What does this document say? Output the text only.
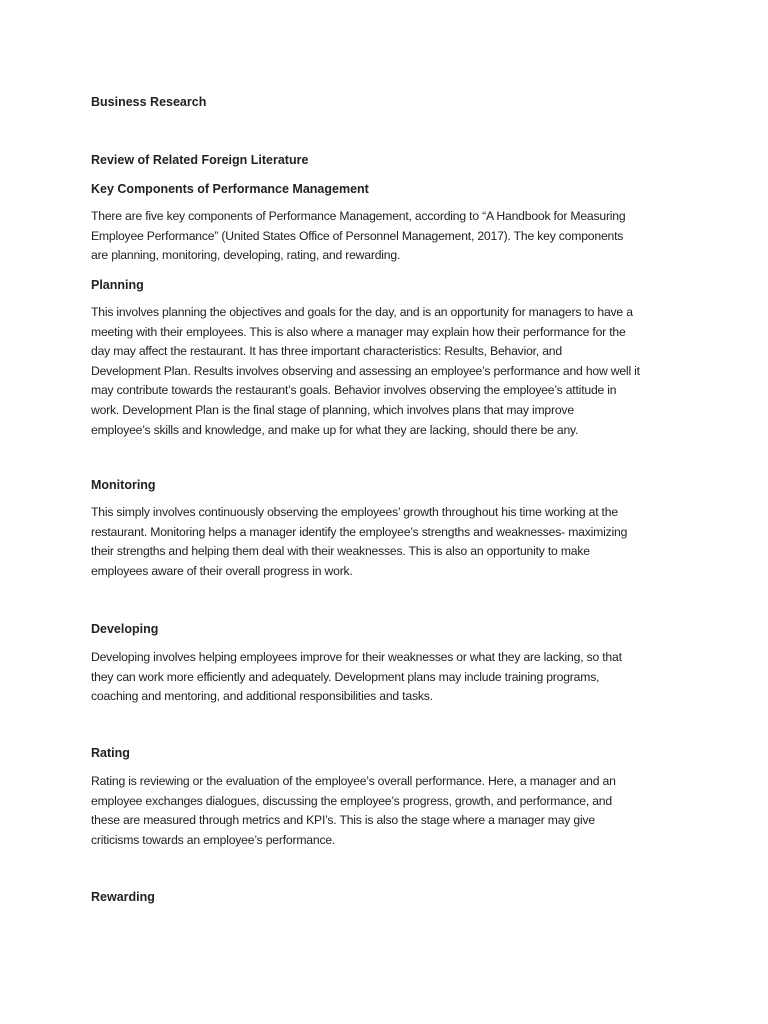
Business Research
Review of Related Foreign Literature
Key Components of Performance Management
There are five key components of Performance Management, according to “A Handbook for Measuring
Employee Performance” (United States Office of Personnel Management, 2017). The key components
are planning, monitoring, developing, rating, and rewarding.
Planning
This involves planning the objectives and goals for the day, and is an opportunity for managers to have a
meeting with their employees. This is also where a manager may explain how their performance for the
day may affect the restaurant. It has three important characteristics: Results, Behavior, and
Development Plan. Results involves observing and assessing an employee’s performance and how well it
may contribute towards the restaurant’s goals. Behavior involves observing the employee’s attitude in
work. Development Plan is the final stage of planning, which involves plans that may improve
employee’s skills and knowledge, and make up for what they are lacking, should there be any.
Monitoring
This simply involves continuously observing the employees’ growth throughout his time working at the
restaurant. Monitoring helps a manager identify the employee’s strengths and weaknesses- maximizing
their strengths and helping them deal with their weaknesses. This is also an opportunity to make
employees aware of their overall progress in work.
Developing
Developing involves helping employees improve for their weaknesses or what they are lacking, so that
they can work more efficiently and adequately. Development plans may include training programs,
coaching and mentoring, and additional responsibilities and tasks.
Rating
Rating is reviewing or the evaluation of the employee’s overall performance. Here, a manager and an
employee exchanges dialogues, discussing the employee’s progress, growth, and performance, and
these are measured through metrics and KPI’s. This is also the stage where a manager may give
criticisms towards an employee’s performance.
Rewarding
